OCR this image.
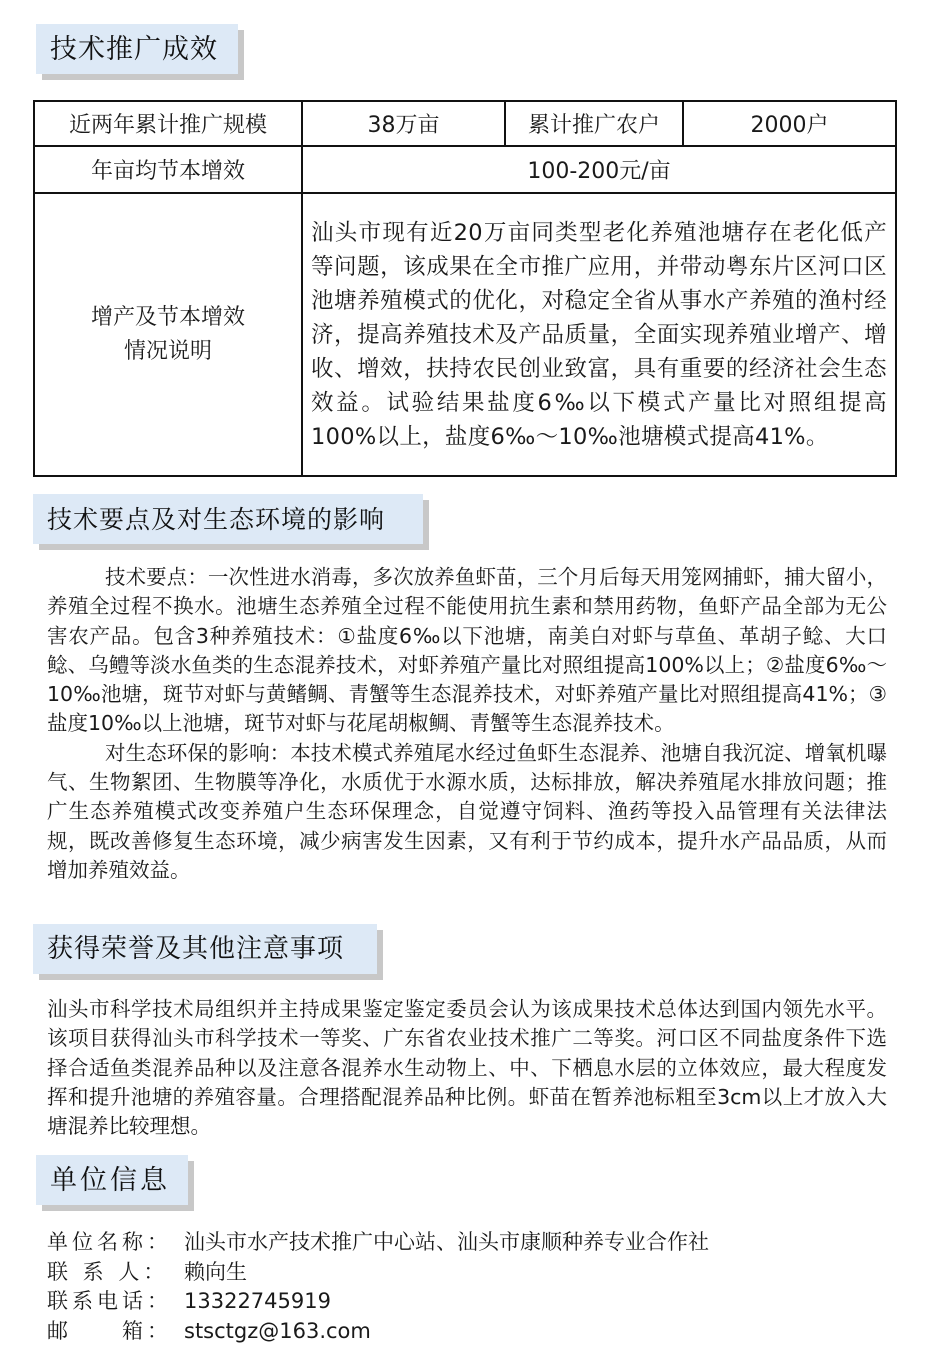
技术推广成效
近两年累计推广规模	38万亩	累计推广农户	2000户
年亩均节本增效	100-200元/亩		

增产及节本增效
情况说明	汕头市现有近20万亩同类型老化养殖池塘存在老化低产等问题，该成果在全市推广应用，并带动粤东片区河口区池塘养殖模式的优化，对稳定全省从事水产养殖的渔村经济，提高养殖技术及产品质量，全面实现养殖业增产、增收、增效，扶持农民创业致富，具有重要的经济社会生态效益。试验结果盐度6‰以下模式产量比对照组提高100%以上，盐度6‰～10‰池塘模式提高41%。		
技术要点及对生态环境的影响

技术要点：一次性进水消毒，多次放养鱼虾苗，三个月后每天用笼网捕虾，捕大留小，养殖全过程不换水。池塘生态养殖全过程不能使用抗生素和禁用药物，鱼虾产品全部为无公害农产品。包含3种养殖技术：①盐度6‰以下池塘，南美白对虾与草鱼、革胡子鲶、大口鲶、乌鳢等淡水鱼类的生态混养技术，对虾养殖产量比对照组提高100%以上；②盐度6‰～10‰池塘，斑节对虾与黄鳍鲷、青蟹等生态混养技术，对虾养殖产量比对照组提高41%；③盐度10‰以上池塘，斑节对虾与花尾胡椒鲷、青蟹等生态混养技术。

对生态环保的影响：本技术模式养殖尾水经过鱼虾生态混养、池塘自我沉淀、增氧机曝气、生物絮团、生物膜等净化，水质优于水源水质，达标排放，解决养殖尾水排放问题；推广生态养殖模式改变养殖户生态环保理念，自觉遵守饲料、渔药等投入品管理有关法律法规，既改善修复生态环境，减少病害发生因素，又有利于节约成本，提升水产品品质，从而增加养殖效益。

获得荣誉及其他注意事项

汕头市科学技术局组织并主持成果鉴定鉴定委员会认为该成果技术总体达到国内领先水平。该项目获得汕头市科学技术一等奖、广东省农业技术推广二等奖。河口区不同盐度条件下选择合适鱼类混养品种以及注意各混养水生动物上、中、下栖息水层的立体效应，最大程度发挥和提升池塘的养殖容量。合理搭配混养品种比例。虾苗在暂养池标粗至3cm以上才放入大塘混养比较理想。

单位信息
单位名称： 汕头市水产技术推广中心站、汕头市康顺种养专业合作社
联 系 人： 赖向生
联系电话： 13322745919
邮　　箱： stsctgz@163.com
